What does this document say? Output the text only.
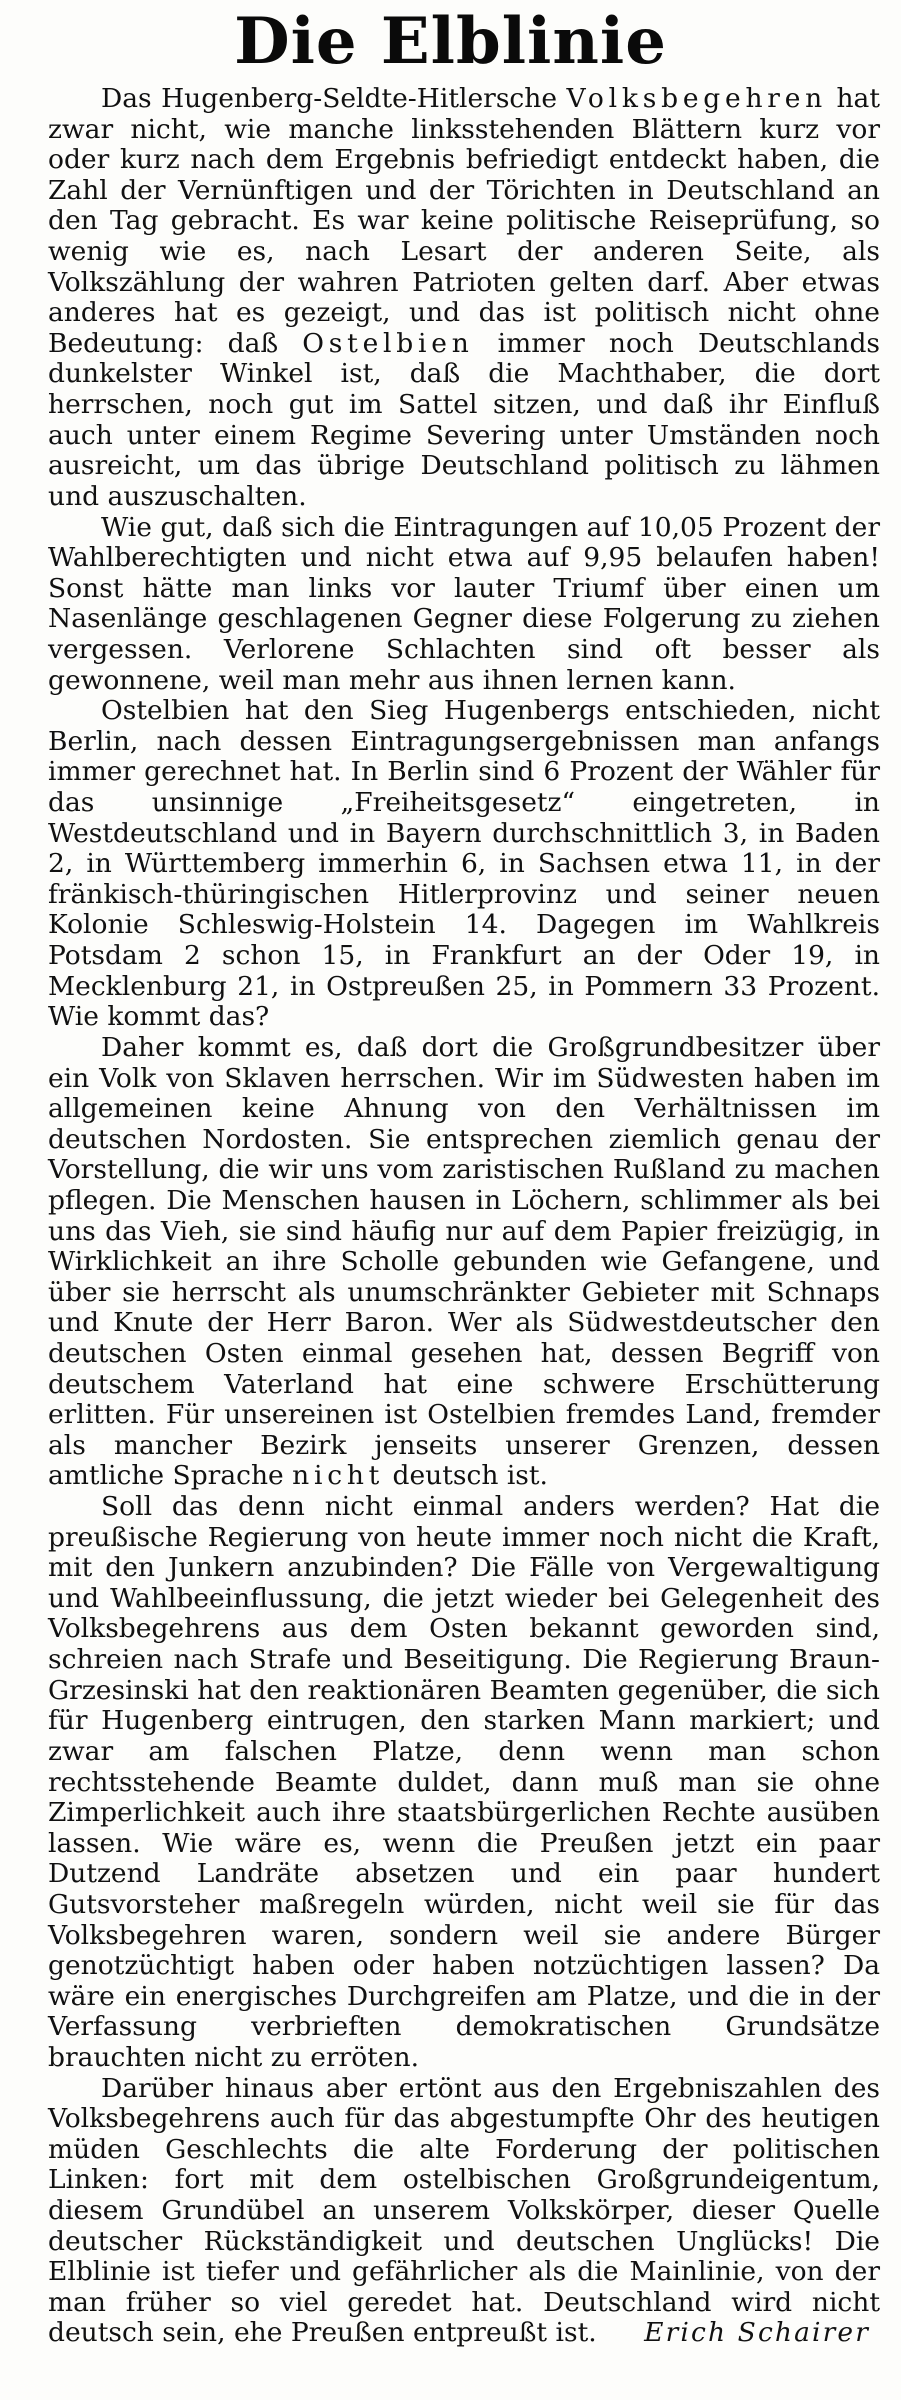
Die Elblinie

Das Hugenberg-Seldte-Hitlersche Volksbegehren hat zwar nicht, wie manche linksstehenden Blättern kurz vor oder kurz nach dem Ergebnis befriedigt entdeckt haben, die Zahl der Vernünftigen und der Törichten in Deutschland an den Tag gebracht. Es war keine politische Reiseprüfung, so wenig wie es, nach Lesart der anderen Seite, als Volkszählung der wahren Patrioten gelten darf. Aber etwas anderes hat es gezeigt, und das ist politisch nicht ohne Bedeutung: daß Ostelbien immer noch Deutschlands dunkelster Winkel ist, daß die Machthaber, die dort herrschen, noch gut im Sattel sitzen, und daß ihr Einfluß auch unter einem Regime Severing unter Umständen noch ausreicht, um das übrige Deutschland politisch zu lähmen und auszuschalten.

Wie gut, daß sich die Eintragungen auf 10,05 Prozent der Wahlberechtigten und nicht etwa auf 9,95 belaufen haben! Sonst hätte man links vor lauter Triumf über einen um Nasenlänge geschlagenen Gegner diese Folgerung zu ziehen vergessen. Verlorene Schlachten sind oft besser als gewonnene, weil man mehr aus ihnen lernen kann.

Ostelbien hat den Sieg Hugenbergs entschieden, nicht Berlin, nach dessen Eintragungsergebnissen man anfangs immer gerechnet hat. In Berlin sind 6 Prozent der Wähler für das unsinnige „Freiheitsgesetz“ eingetreten, in Westdeutschland und in Bayern durchschnittlich 3, in Baden 2, in Württemberg immerhin 6, in Sachsen etwa 11, in der fränkisch-thüringischen Hitlerprovinz und seiner neuen Kolonie Schleswig-Holstein 14. Dagegen im Wahlkreis Potsdam 2 schon 15, in Frankfurt an der Oder 19, in Mecklenburg 21, in Ostpreußen 25, in Pommern 33 Prozent. Wie kommt das?

Daher kommt es, daß dort die Großgrundbesitzer über ein Volk von Sklaven herrschen. Wir im Südwesten haben im allgemeinen keine Ahnung von den Verhältnissen im deutschen Nordosten. Sie entsprechen ziemlich genau der Vorstellung, die wir uns vom zaristischen Rußland zu machen pflegen. Die Menschen hausen in Löchern, schlimmer als bei uns das Vieh, sie sind häufig nur auf dem Papier freizügig, in Wirklichkeit an ihre Scholle gebunden wie Gefangene, und über sie herrscht als unumschränkter Gebieter mit Schnaps und Knute der Herr Baron. Wer als Südwestdeutscher den deutschen Osten einmal gesehen hat, dessen Begriff von deutschem Vaterland hat eine schwere Erschütterung erlitten. Für unsereinen ist Ostelbien fremdes Land, fremder als mancher Bezirk jenseits unserer Grenzen, dessen amtliche Sprache nicht deutsch ist.

Soll das denn nicht einmal anders werden? Hat die preußische Regierung von heute immer noch nicht die Kraft, mit den Junkern anzubinden? Die Fälle von Vergewaltigung und Wahlbeeinflussung, die jetzt wieder bei Gelegenheit des Volksbegehrens aus dem Osten bekannt geworden sind, schreien nach Strafe und Beseitigung. Die Regierung Braun-Grzesinski hat den reaktionären Beamten gegenüber, die sich für Hugenberg eintrugen, den starken Mann markiert; und zwar am falschen Platze, denn wenn man schon rechtsstehende Beamte duldet, dann muß man sie ohne Zimperlichkeit auch ihre staatsbürgerlichen Rechte ausüben lassen. Wie wäre es, wenn die Preußen jetzt ein paar Dutzend Landräte absetzen und ein paar hundert Gutsvorsteher maßregeln würden, nicht weil sie für das Volksbegehren waren, sondern weil sie andere Bürger genotzüchtigt haben oder haben notzüchtigen lassen? Da wäre ein energisches Durchgreifen am Platze, und die in der Verfassung verbrieften demokratischen Grundsätze brauchten nicht zu erröten.

Darüber hinaus aber ertönt aus den Ergebniszahlen des Volksbegehrens auch für das abgestumpfte Ohr des heutigen müden Geschlechts die alte Forderung der politischen Linken: fort mit dem ostelbischen Großgrundeigentum, diesem Grundübel an unserem Volkskörper, dieser Quelle deutscher Rückständigkeit und deutschen Unglücks! Die Elblinie ist tiefer und gefährlicher als die Mainlinie, von der man früher so viel geredet hat. Deutschland wird nicht deutsch sein, ehe Preußen entpreußt ist.	Erich Schairer
